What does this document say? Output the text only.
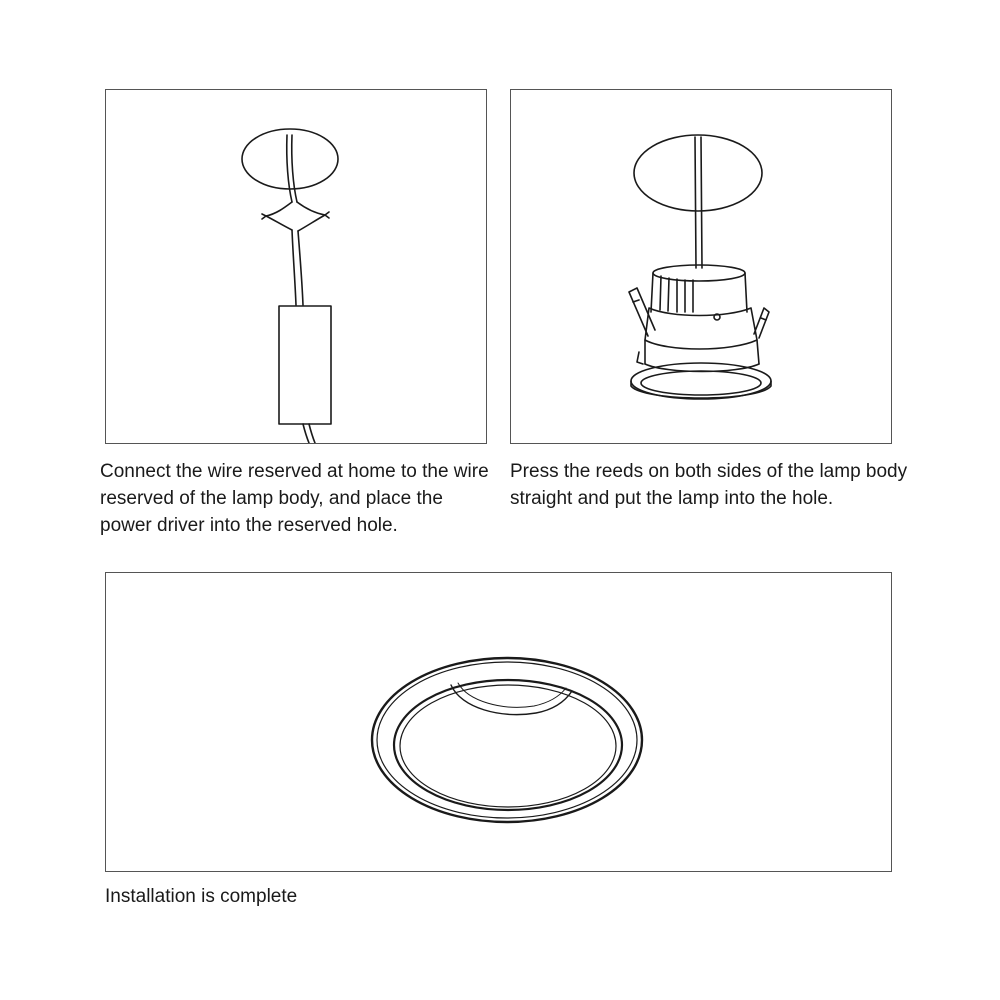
Connect the wire reserved at home to the wire reserved of the lamp body, and place the power driver into the reserved hole.

Press the reeds on both sides of the lamp body straight and put the lamp into the hole.

Installation is complete
